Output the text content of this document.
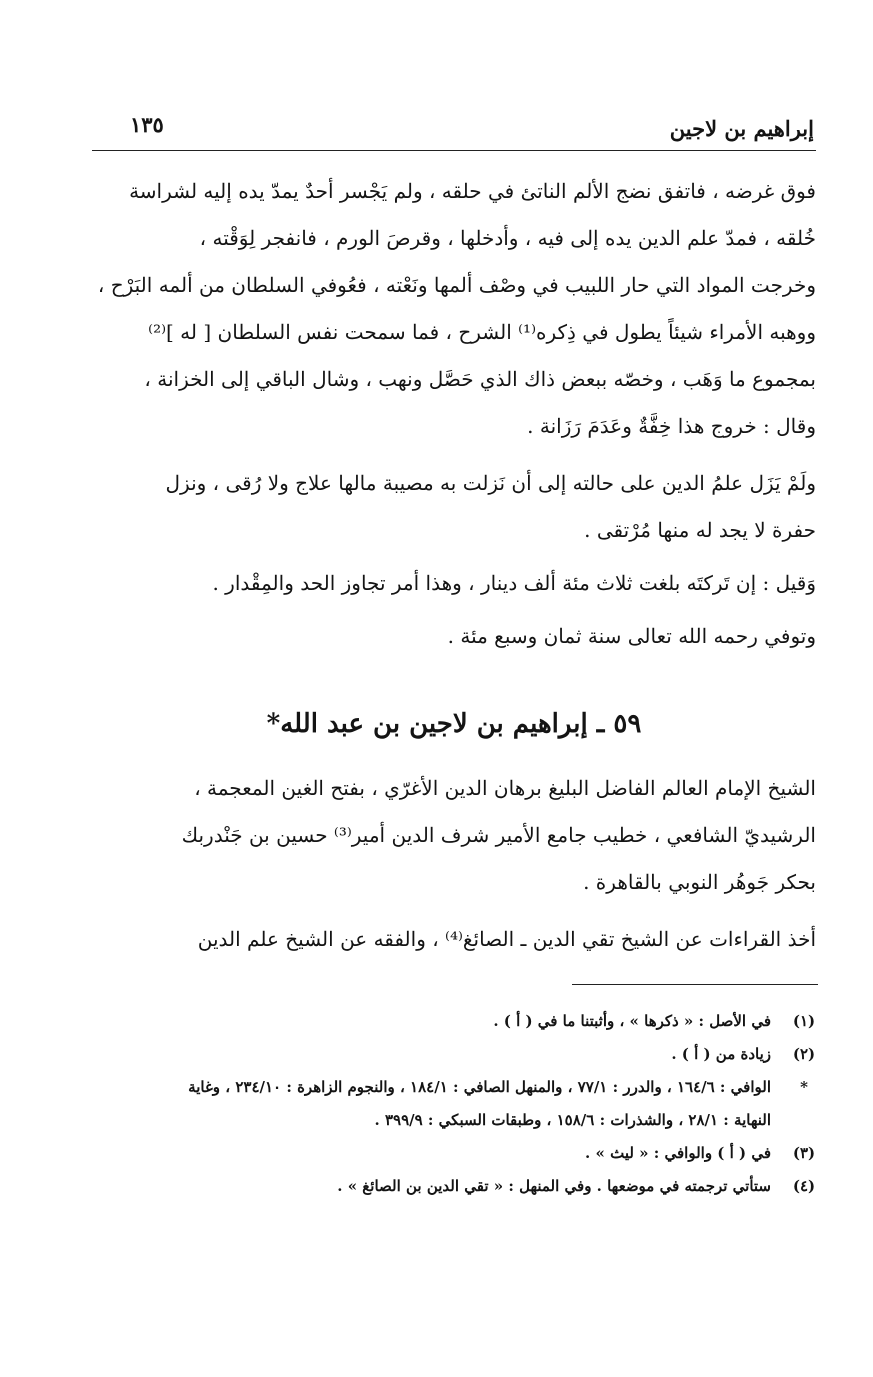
إبراهيم بن لاجين
١٣٥
فوق غرضه ، فاتفق نضج الألم الناتئ في حلقه ، ولم يَجْسر أحدٌ يمدّ يده إليه لشراسة
خُلقه ، فمدّ علم الدين يده إلى فيه ، وأدخلها ، وقرصَ الورم ، فانفجر لِوَقْته ،
وخرجت المواد التي حار اللبيب في وصْف ألمها ونَعْته ، فعُوفي السلطان من ألمه البَرْح ،
ووهبه الأمراء شيئاً يطول في ذِكره⁽¹⁾ الشرح ، فما سمحت نفس السلطان [ له ]⁽²⁾
بمجموع ما وَهَب ، وخصّه ببعض ذاك الذي حَصَّل ونهب ، وشال الباقي إلى الخزانة ،
وقال : خروج هذا خِفَّةٌ وعَدَمَ رَزَانة .
ولَمْ يَزَل علمُ الدين على حالته إلى أن نَزلت به مصيبة مالها علاج ولا رُقى ، ونزل
حفرة لا يجد له منها مُرْتقى .
وَقيل : إن تَركتَه بلغت ثلاث مئة ألف دينار ، وهذا أمر تجاوز الحد والمِقْدار .
وتوفي رحمه الله تعالى سنة ثمان وسبع مئة .
٥٩ ـ إبراهيم بن لاجين بن عبد الله*
الشيخ الإمام العالم الفاضل البليغ برهان الدين الأغرّي ، بفتح الغين المعجمة ،
الرشيديّ الشافعي ، خطيب جامع الأمير شرف الدين أمير⁽³⁾ حسين بن جَنْدربك
بحكر جَوهُر النوبي بالقاهرة .
أخذ القراءات عن الشيخ تقي الدين ـ الصائغ⁽⁴⁾ ، والفقه عن الشيخ علم الدين
(١)
في الأصل : « ذكرها » ، وأثبتنا ما في ( أ ) .
(٢)
زيادة من ( أ ) .
*
الوافي : ١٦٤/٦ ، والدرر : ٧٧/١ ، والمنهل الصافي : ١٨٤/١ ، والنجوم الزاهرة : ٢٣٤/١٠ ، وغاية
النهاية : ٢٨/١ ، والشذرات : ١٥٨/٦ ، وطبقات السبكي : ٣٩٩/٩ .
(٣)
في ( أ ) والوافي : « ليث » .
(٤)
ستأتي ترجمته في موضعها . وفي المنهل : « تقي الدين بن الصائغ » .
